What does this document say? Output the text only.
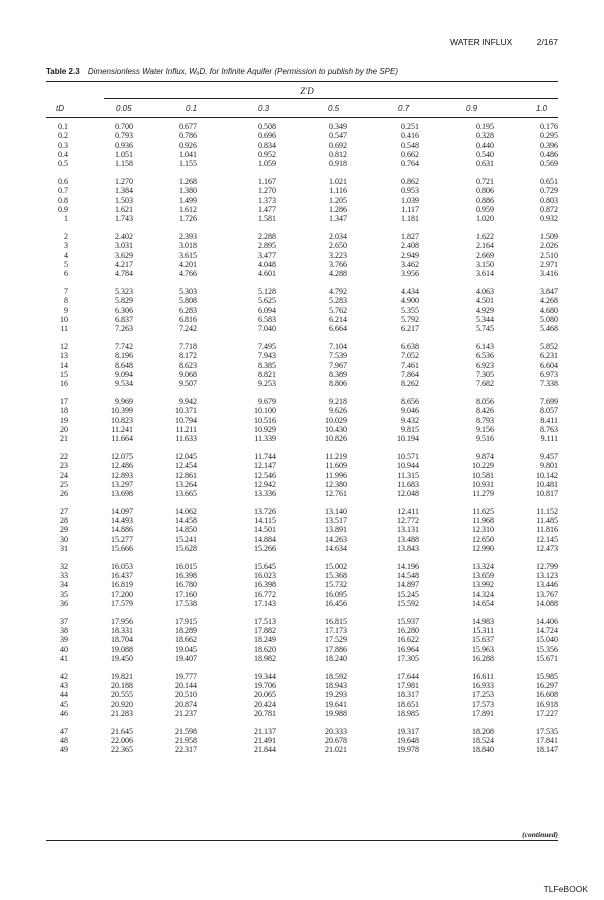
WATER INFLUX	2/167
Table 2.3 Dimensionless Water Influx, WₐD, for Infinite Aquifer (Permission to publish by the SPE)
Z′D
tD	0.05	0.1	0.3	0.5	0.7	0.9	1.0
0.1	0.700	0.677	0.508	0.349	0.251	0.195	0.176
0.2	0.793	0.786	0.696	0.547	0.416	0.328	0.295
0.3	0.936	0.926	0.834	0.692	0.548	0.440	0.396
0.4	1.051	1.041	0.952	0.812	0.662	0.540	0.486
0.5	1.158	1.155	1.059	0.918	0.764	0.631	0.569
0.6	1.270	1.268	1.167	1.021	0.862	0.721	0.651
0.7	1.384	1.380	1.270	1.116	0.953	0.806	0.729
0.8	1.503	1.499	1.373	1.205	1.039	0.886	0.803
0.9	1.621	1.612	1.477	1.286	1.117	0.959	0.872
1	1.743	1.726	1.581	1.347	1.181	1.020	0.932
2	2.402	2.393	2.288	2.034	1.827	1.622	1.509
3	3.031	3.018	2.895	2.650	2.408	2.164	2.026
4	3.629	3.615	3.477	3.223	2.949	2.669	2.510
5	4.217	4.201	4.048	3.766	3.462	3.150	2.971
6	4.784	4.766	4.601	4.288	3.956	3.614	3.416
7	5.323	5.303	5.128	4.792	4.434	4.063	3.847
8	5.829	5.808	5.625	5.283	4.900	4.501	4.268
9	6.306	6.283	6.094	5.762	5.355	4.929	4.680
10	6.837	6.816	6.583	6.214	5.792	5.344	5.080
11	7.263	7.242	7.040	6.664	6.217	5.745	5.468
12	7.742	7.718	7.495	7.104	6.638	6.143	5.852
13	8.196	8.172	7.943	7.539	7.052	6.536	6.231
14	8.648	8.623	8.385	7.967	7.461	6.923	6.604
15	9.094	9.068	8.821	8.389	7.864	7.305	6.973
16	9.534	9.507	9.253	8.806	8.262	7.682	7.338
17	9.969	9.942	9.679	9.218	8.656	8.056	7.699
18	10.399	10.371	10.100	9.626	9.046	8.426	8.057
19	10.823	10.794	10.516	10.029	9.432	8.793	8.411
20	11.241	11.211	10.929	10.430	9.815	9.156	8.763
21	11.664	11.633	11.339	10.826	10.194	9.516	9.111
22	12.075	12.045	11.744	11.219	10.571	9.874	9.457
23	12.486	12.454	12.147	11.609	10.944	10.229	9.801
24	12.893	12.861	12.546	11.996	11.315	10.581	10.142
25	13.297	13.264	12.942	12.380	11.683	10.931	10.481
26	13.698	13.665	13.336	12.761	12.048	11.279	10.817
27	14.097	14.062	13.726	13.140	12.411	11.625	11.152
28	14.493	14.458	14.115	13.517	12.772	11.968	11.485
29	14.886	14.850	14.501	13.891	13.131	12.310	11.816
30	15.277	15.241	14.884	14.263	13.488	12.650	12.145
31	15.666	15.628	15.266	14.634	13.843	12.990	12.473
32	16.053	16.015	15.645	15.002	14.196	13.324	12.799
33	16.437	16.398	16.023	15.368	14.548	13.659	13.123
34	16.819	16.780	16.398	15.732	14.897	13.992	13.446
35	17.200	17.160	16.772	16.095	15.245	14.324	13.767
36	17.579	17.538	17.143	16.456	15.592	14.654	14.088
37	17.956	17.915	17.513	16.815	15.937	14.983	14.406
38	18.331	18.289	17.882	17.173	16.280	15.311	14.724
39	18.704	18.662	18.249	17.529	16.622	15.637	15.040
40	19.088	19.045	18.620	17.886	16.964	15.963	15.356
41	19.450	19.407	18.982	18.240	17.305	16.288	15.671
42	19.821	19.777	19.344	18.592	17.644	16.611	15.985
43	20.188	20.144	19.706	18.943	17.981	16.933	16.297
44	20.555	20.510	20.065	19.293	18.317	17.253	16.608
45	20.920	20.874	20.424	19.641	18.651	17.573	16.918
46	21.283	21.237	20.781	19.988	18.985	17.891	17.227
47	21.645	21.598	21.137	20.333	19.317	18.208	17.535
48	22.006	21.958	21.491	20.678	19.648	18.524	17.841
49	22.365	22.317	21.844	21.021	19.978	18.840	18.147
(continued)
TLFeBOOK
